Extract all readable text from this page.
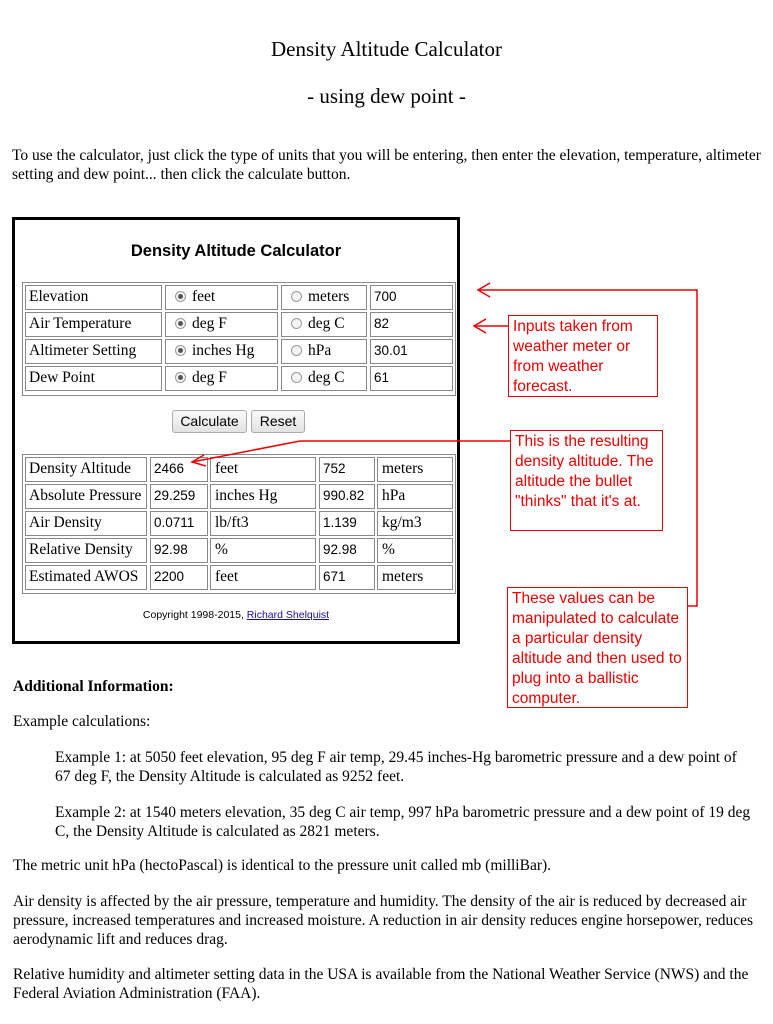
Density Altitude Calculator
- using dew point -
To use the calculator, just click the type of units that you will be entering, then enter the elevation, temperature, altimeter setting and dew point... then click the calculate button.
Density Altitude Calculator
Elevation	feet	meters	700
Air Temperature	deg F	deg C	82
Altimeter Setting	inches Hg	hPa	30.01
Dew Point	deg F	deg C	61
Calculate	Reset
Density Altitude	2466	feet	752	meters
Absolute Pressure 29.259	inches Hg	990.82	hPa
Air Density	0.0711	lb/ft3	1.139	kg/m3
Relative Density	92.98	%	92.98	%
Estimated AWOS	2200	feet	671	meters
Copyright 1998-2015, Richard Shelquist
Inputs taken from weather meter or from weather forecast.
This is the resulting density altitude. The altitude the bullet "thinks" that it's at.
These values can be manipulated to calculate a particular density altitude and then used to plug into a ballistic computer.
Additional Information:
Example calculations:
Example 1: at 5050 feet elevation, 95 deg F air temp, 29.45 inches-Hg barometric pressure and a dew point of 67 deg F, the Density Altitude is calculated as 9252 feet.
Example 2: at 1540 meters elevation, 35 deg C air temp, 997 hPa barometric pressure and a dew point of 19 deg C, the Density Altitude is calculated as 2821 meters.
The metric unit hPa (hectoPascal) is identical to the pressure unit called mb (milliBar).
Air density is affected by the air pressure, temperature and humidity. The density of the air is reduced by decreased air pressure, increased temperatures and increased moisture. A reduction in air density reduces engine horsepower, reduces aerodynamic lift and reduces drag.
Relative humidity and altimeter setting data in the USA is available from the National Weather Service (NWS) and the Federal Aviation Administration (FAA).
